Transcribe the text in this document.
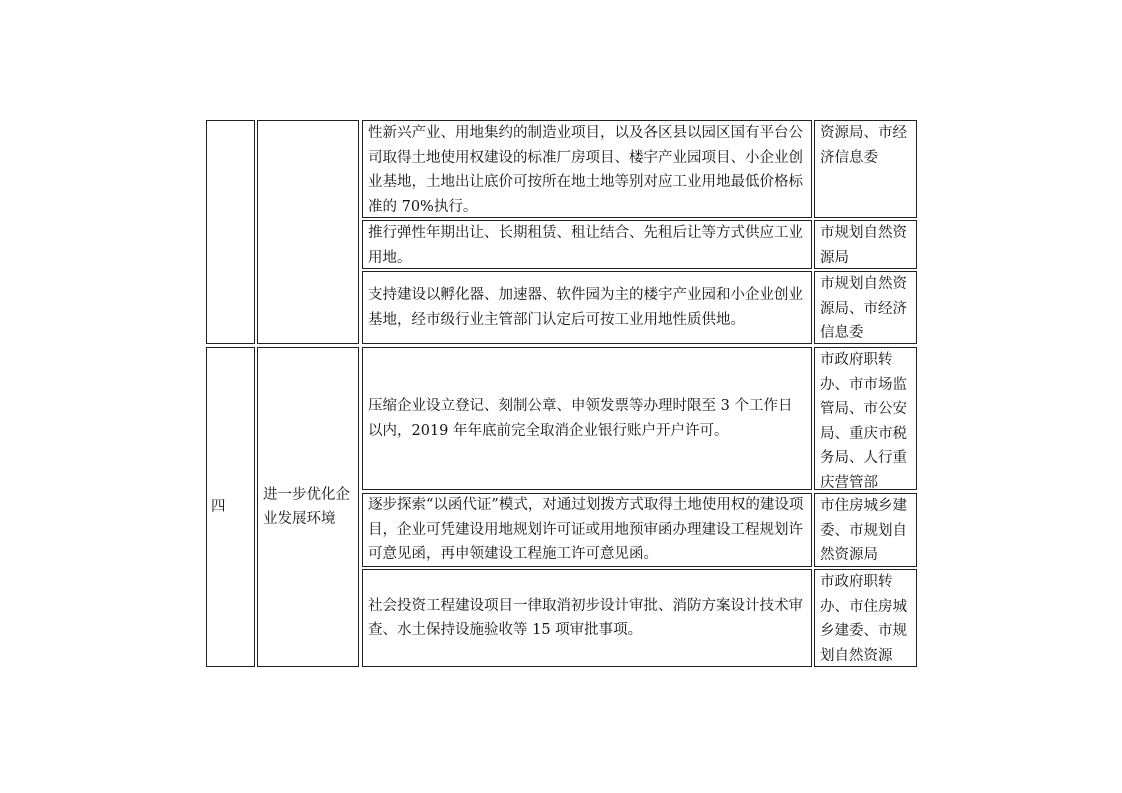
性新兴产业、用地集约的制造业项目，以及各区县以园区国有平台公司取得土地使用权建设的标准厂房项目、楼宇产业园项目、小企业创业基地，土地出让底价可按所在地土地等别对应工业用地最低价格标准的 70%执行。
资源局、市经济信息委
推行弹性年期出让、长期租赁、租让结合、先租后让等方式供应工业用地。
市规划自然资源局
支持建设以孵化器、加速器、软件园为主的楼宇产业园和小企业创业基地，经市级行业主管部门认定后可按工业用地性质供地。
市规划自然资源局、市经济信息委
四
进一步优化企业发展环境
压缩企业设立登记、刻制公章、申领发票等办理时限至 3 个工作日以内，2019 年年底前完全取消企业银行账户开户许可。
市政府职转办、市市场监管局、市公安局、重庆市税务局、人行重庆营管部
逐步探索“以函代证”模式，对通过划拨方式取得土地使用权的建设项目，企业可凭建设用地规划许可证或用地预审函办理建设工程规划许可意见函，再申领建设工程施工许可意见函。
市住房城乡建委、市规划自然资源局
社会投资工程建设项目一律取消初步设计审批、消防方案设计技术审查、水土保持设施验收等 15 项审批事项。
市政府职转办、市住房城乡建委、市规划自然资源
